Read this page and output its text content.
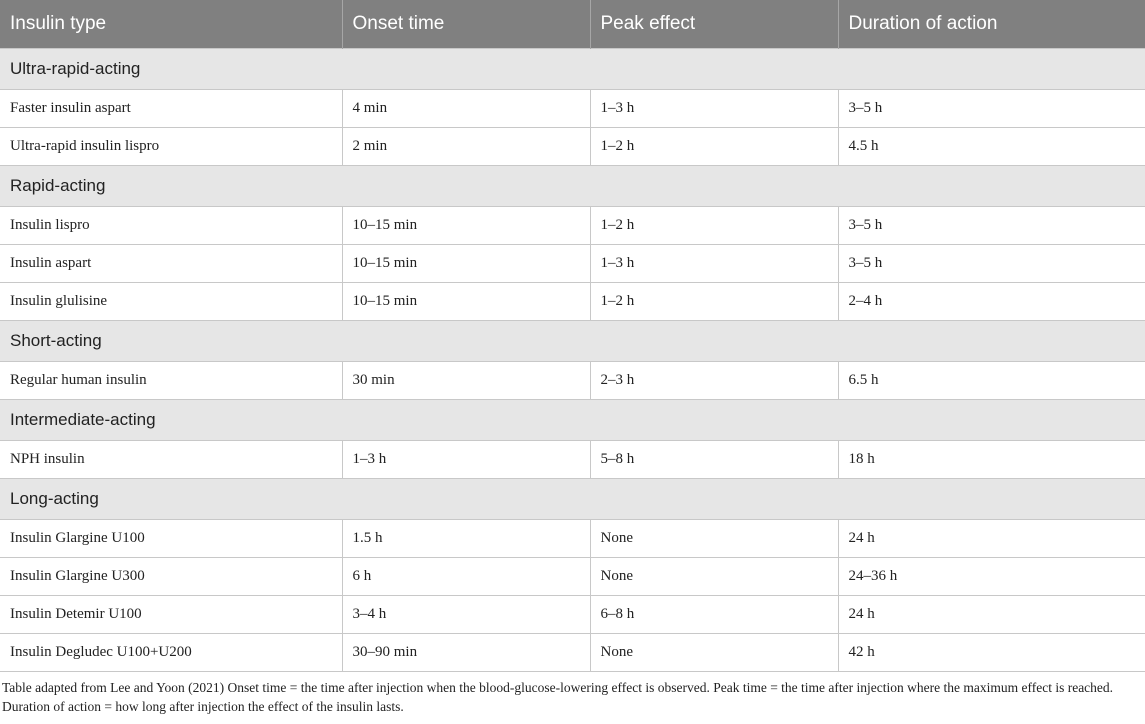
Insulin type	Onset time	Peak effect	Duration of action
Ultra-rapid-acting			
Faster insulin aspart	4 min	1–3 h	3–5 h
Ultra-rapid insulin lispro	2 min	1–2 h	4.5 h
Rapid-acting			
Insulin lispro	10–15 min	1–2 h	3–5 h
Insulin aspart	10–15 min	1–3 h	3–5 h
Insulin glulisine	10–15 min	1–2 h	2–4 h
Short-acting			
Regular human insulin	30 min	2–3 h	6.5 h
Intermediate-acting			
NPH insulin	1–3 h	5–8 h	18 h
Long-acting			
Insulin Glargine U100	1.5 h	None	24 h
Insulin Glargine U300	6 h	None	24–36 h
Insulin Detemir U100	3–4 h	6–8 h	24 h
Insulin Degludec U100+U200	30–90 min	None	42 h
Table adapted from Lee and Yoon (2021) Onset time = the time after injection when the blood-glucose-lowering effect is observed. Peak time = the time after injection where the maximum effect is reached. Duration of action = how long after injection the effect of the insulin lasts.
